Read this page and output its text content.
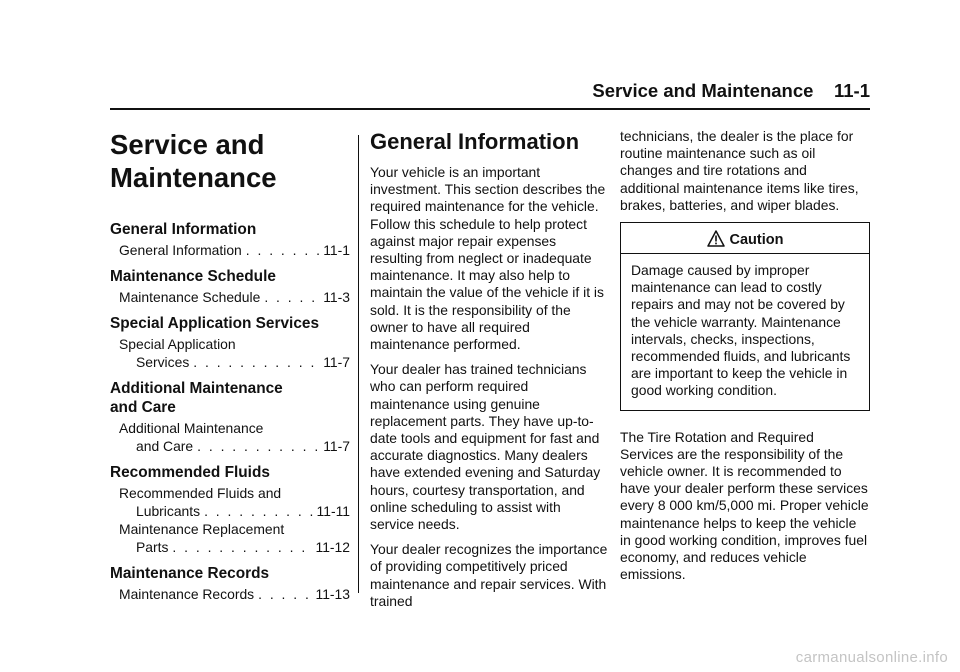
Service and Maintenance 11-1
Service and
Maintenance
General Information
General Information . . .	11-1
Maintenance Schedule
Maintenance Schedule . . .	11-3
Special Application Services
Special Application
Services . . .	11-7
Additional Maintenance
and Care
Additional Maintenance
and Care . . .	11-7
Recommended Fluids
Recommended Fluids and
Lubricants . . .	11-11
Maintenance Replacement
Parts . . .	11-12
Maintenance Records
Maintenance Records . . .	11-13
General Information

Your vehicle is an important investment. This section describes the required maintenance for the vehicle. Follow this schedule to help protect against major repair expenses resulting from neglect or inadequate maintenance. It may also help to maintain the value of the vehicle if it is sold. It is the responsibility of the owner to have all required maintenance performed.

Your dealer has trained technicians who can perform required maintenance using genuine replacement parts. They have up-to-date tools and equipment for fast and accurate diagnostics. Many dealers have extended evening and Saturday hours, courtesy transportation, and online scheduling to assist with service needs.

Your dealer recognizes the importance of providing competitively priced maintenance and repair services. With trained

technicians, the dealer is the place for routine maintenance such as oil changes and tire rotations and additional maintenance items like tires, brakes, batteries, and wiper blades.

Caution
Damage caused by improper maintenance can lead to costly repairs and may not be covered by the vehicle warranty. Maintenance intervals, checks, inspections, recommended fluids, and lubricants are important to keep the vehicle in good working condition.

The Tire Rotation and Required Services are the responsibility of the vehicle owner. It is recommended to have your dealer perform these services every 8 000 km/5,000 mi. Proper vehicle maintenance helps to keep the vehicle in good working condition, improves fuel economy, and reduces vehicle emissions.

carmanualsonline.info
